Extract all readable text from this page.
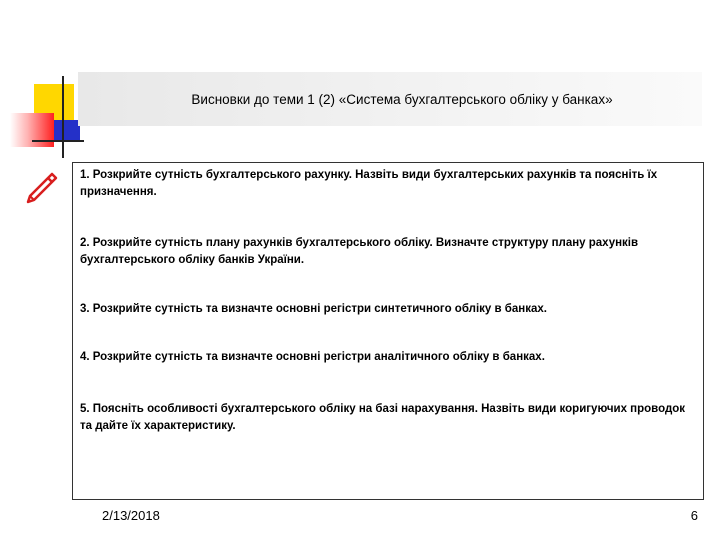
Висновки до теми 1 (2) «Система бухгалтерського обліку у банках»
1. Розкрийте сутність бухгалтерського рахунку. Назвіть види бухгалтерських рахунків та поясніть їх призначення.
2. Розкрийте сутність плану рахунків бухгалтерського обліку. Визначте структуру плану рахунків бухгалтерського обліку банків України.
3. Розкрийте сутність та визначте основні регістри синтетичного обліку в банках.
4. Розкрийте сутність та визначте основні регістри аналітичного обліку в банках.
5. Поясніть особливості бухгалтерського обліку на базі нарахування. Назвіть види коригуючих проводок та дайте їх характеристику.
2/13/2018	6
